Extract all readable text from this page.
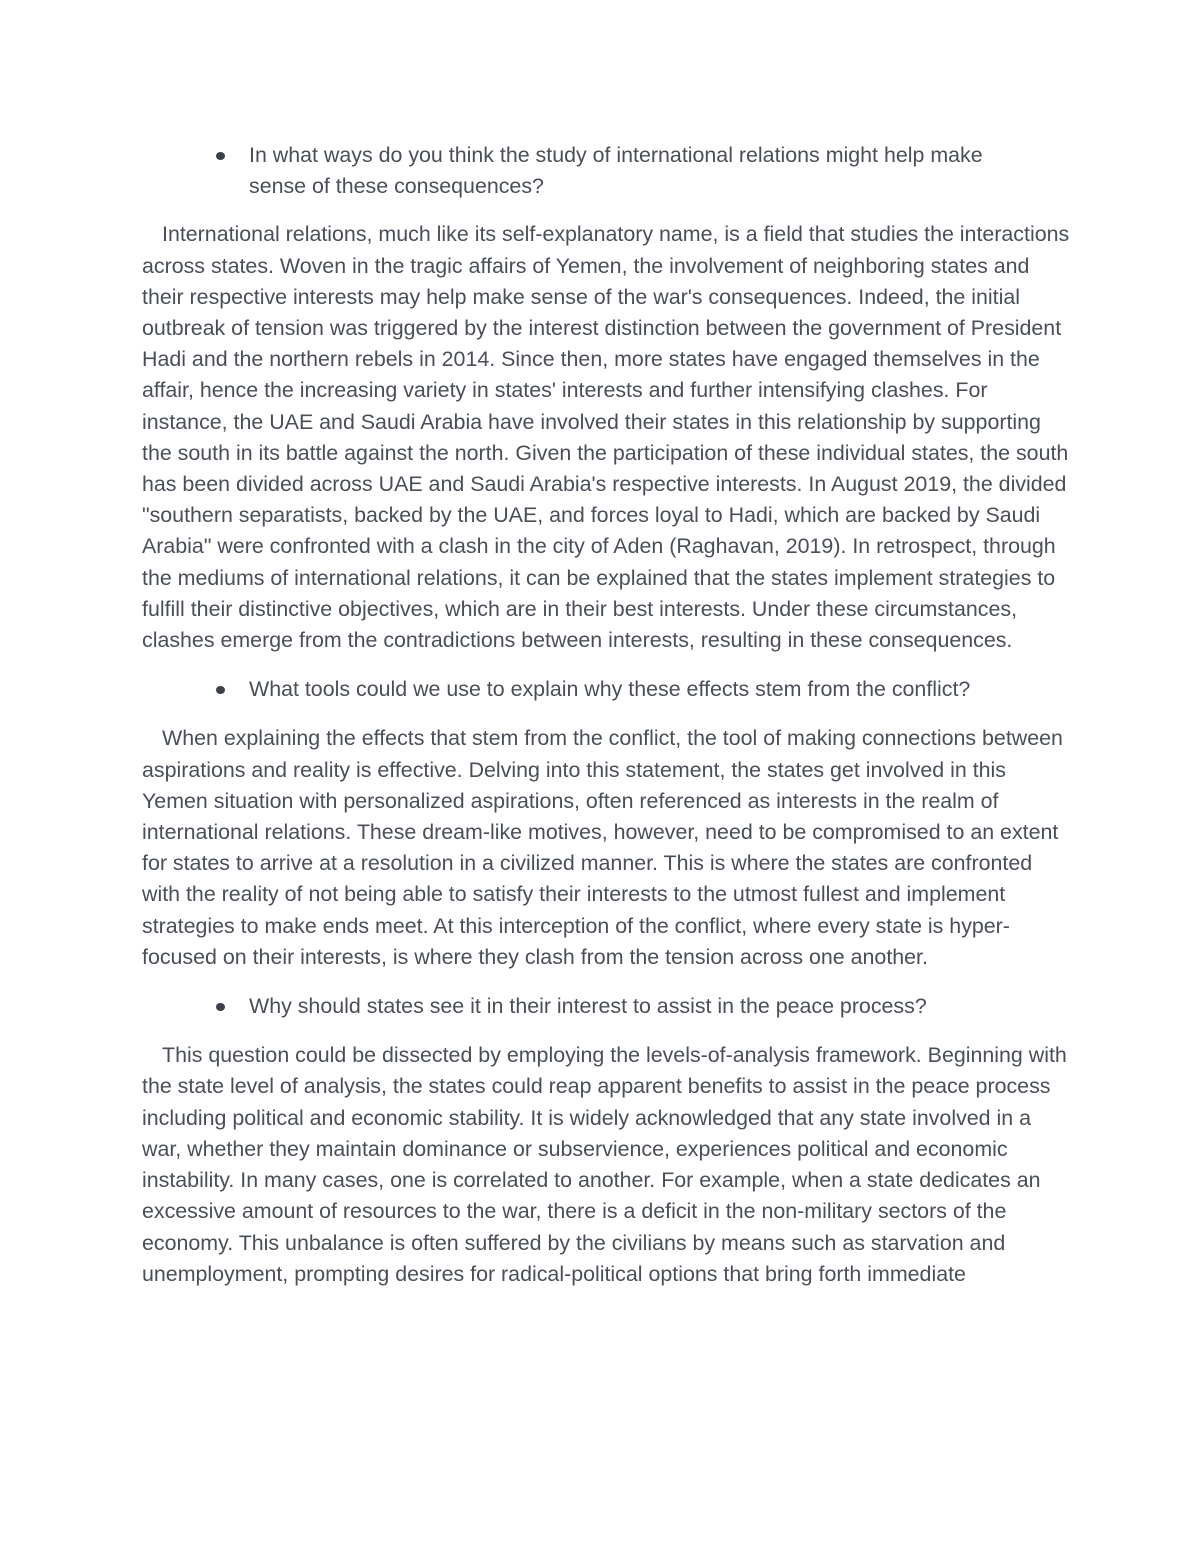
In what ways do you think the study of international relations might help make sense of these consequences?

International relations, much like its self-explanatory name, is a field that studies the interactions across states. Woven in the tragic affairs of Yemen, the involvement of neighboring states and their respective interests may help make sense of the war's consequences. Indeed, the initial outbreak of tension was triggered by the interest distinction between the government of President Hadi and the northern rebels in 2014. Since then, more states have engaged themselves in the affair, hence the increasing variety in states' interests and further intensifying clashes. For instance, the UAE and Saudi Arabia have involved their states in this relationship by supporting the south in its battle against the north. Given the participation of these individual states, the south has been divided across UAE and Saudi Arabia's respective interests. In August 2019, the divided "southern separatists, backed by the UAE, and forces loyal to Hadi, which are backed by Saudi Arabia" were confronted with a clash in the city of Aden (Raghavan, 2019). In retrospect, through the mediums of international relations, it can be explained that the states implement strategies to fulfill their distinctive objectives, which are in their best interests. Under these circumstances, clashes emerge from the contradictions between interests, resulting in these consequences.

What tools could we use to explain why these effects stem from the conflict?

When explaining the effects that stem from the conflict, the tool of making connections between aspirations and reality is effective. Delving into this statement, the states get involved in this Yemen situation with personalized aspirations, often referenced as interests in the realm of international relations. These dream-like motives, however, need to be compromised to an extent for states to arrive at a resolution in a civilized manner. This is where the states are confronted with the reality of not being able to satisfy their interests to the utmost fullest and implement strategies to make ends meet. At this interception of the conflict, where every state is hyper-focused on their interests, is where they clash from the tension across one another.

Why should states see it in their interest to assist in the peace process?

This question could be dissected by employing the levels-of-analysis framework. Beginning with the state level of analysis, the states could reap apparent benefits to assist in the peace process including political and economic stability. It is widely acknowledged that any state involved in a war, whether they maintain dominance or subservience, experiences political and economic instability. In many cases, one is correlated to another. For example, when a state dedicates an excessive amount of resources to the war, there is a deficit in the non-military sectors of the economy. This unbalance is often suffered by the civilians by means such as starvation and unemployment, prompting desires for radical-political options that bring forth immediate
